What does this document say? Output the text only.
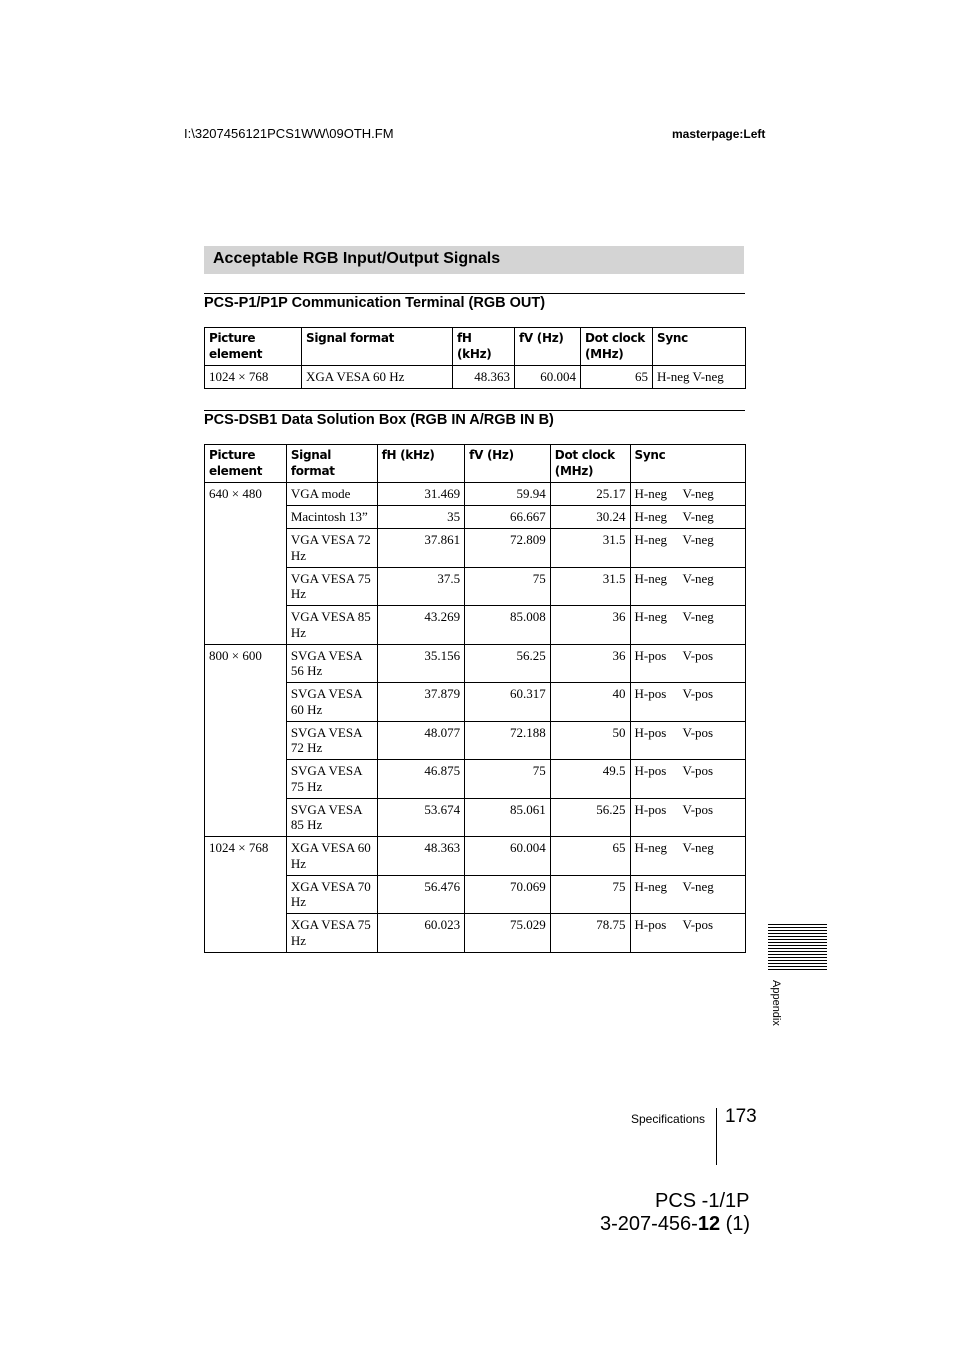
I:\3207456121PCS1WW\09OTH.FM	masterpage:Left
Acceptable RGB Input/Output Signals
PCS-P1/P1P Communication Terminal (RGB OUT)
Picture element	Signal format	fH (kHz)	fV (Hz)	Dot clock (MHz)	Sync
1024 × 768	XGA VESA 60 Hz	48.363	60.004	65	H-neg V-neg
PCS-DSB1 Data Solution Box (RGB IN A/RGB IN B)
Picture element	Signal format	fH (kHz)	fV (Hz)	Dot clock (MHz)	Sync
640 × 480	VGA mode	31.469	59.94	25.17	H-neg V-neg
	Macintosh 13”	35	66.667	30.24	H-neg V-neg
	VGA VESA 72 Hz	37.861	72.809	31.5	H-neg V-neg
	VGA VESA 75 Hz	37.5	75	31.5	H-neg V-neg
	VGA VESA 85 Hz	43.269	85.008	36	H-neg V-neg
800 × 600	SVGA VESA 56 Hz	35.156	56.25	36	H-pos V-pos
	SVGA VESA 60 Hz	37.879	60.317	40	H-pos V-pos
	SVGA VESA 72 Hz	48.077	72.188	50	H-pos V-pos
	SVGA VESA 75 Hz	46.875	75	49.5	H-pos V-pos
	SVGA VESA 85 Hz	53.674	85.061	56.25	H-pos V-pos
1024 × 768	XGA VESA 60 Hz	48.363	60.004	65	H-neg V-neg
	XGA VESA 70 Hz	56.476	70.069	75	H-neg V-neg
	XGA VESA 75 Hz	60.023	75.029	78.75	H-pos V-pos
Appendix
Specifications 173
PCS -1/1P
3-207-456-12 (1)
